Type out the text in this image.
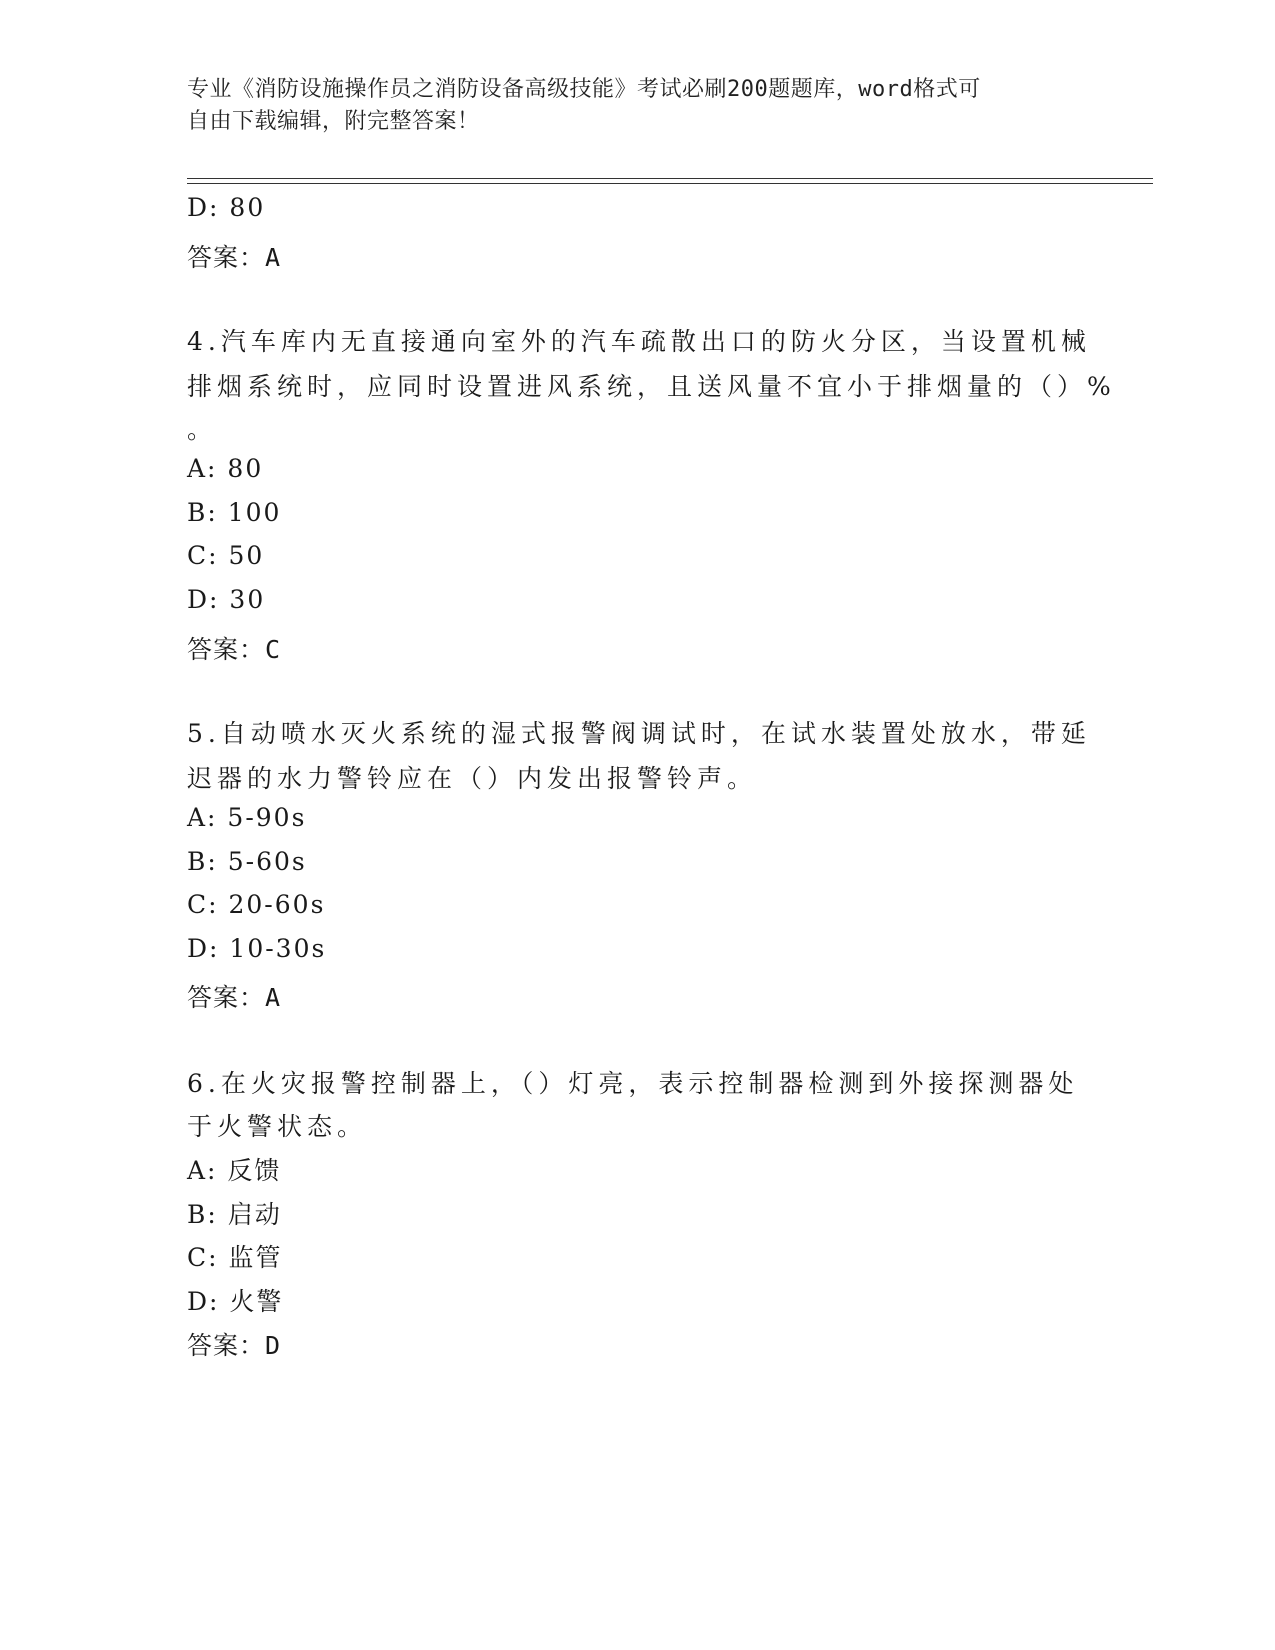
专业《消防设施操作员之消防设备高级技能》考试必刷200题题库，word格式可
自由下载编辑，附完整答案！
D: 80
答案：A
4.汽车库内无直接通向室外的汽车疏散出口的防火分区，当设置机械
排烟系统时，应同时设置进风系统，且送风量不宜小于排烟量的（）%
。
A: 80
B: 100
C: 50
D: 30
答案：C
5.自动喷水灭火系统的湿式报警阀调试时，在试水装置处放水，带延
迟器的水力警铃应在（）内发出报警铃声。
A: 5-90s
B: 5-60s
C: 20-60s
D: 10-30s
答案：A
6.在火灾报警控制器上，（）灯亮，表示控制器检测到外接探测器处
于火警状态。
A: 反馈
B: 启动
C: 监管
D: 火警
答案：D
